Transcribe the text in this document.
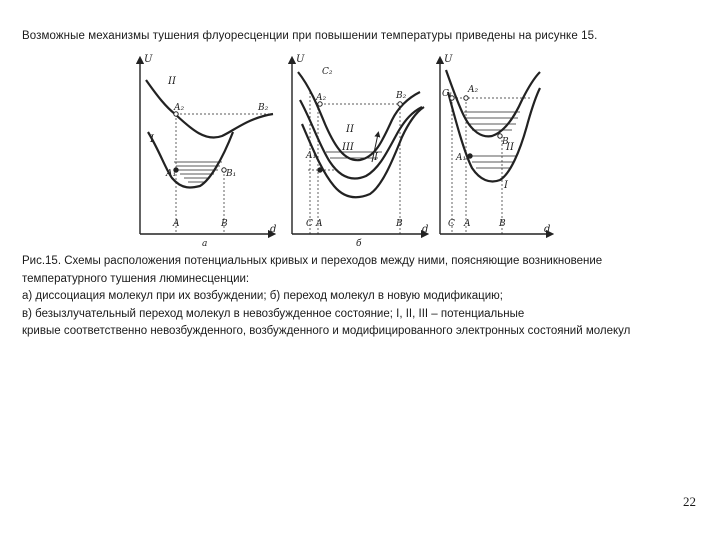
Возможные механизмы тушения флуоресценции при повышении температуры приведены на рисунке 15.
U
d
II
I
A₂	B₂
A₁	B₁
A	B
а
U
d
C₂
A₂	B₂
II
III
I
A₁
C A	B
б
U
d
C₁ A₂
II
A₁
B
I
C A	B
Рис.15. Схемы расположения потенциальных кривых и переходов между ними, поясняющие возникновение
температурного тушения люминесценции:
а) диссоциация молекул при их возбуждении; б) переход молекул в новую модификацию;
в) безызлучательный переход молекул в невозбужденное состояние; I, II, III – потенциальные
кривые соответственно невозбужденного, возбужденного и модифицированного электронных состояний молекул
22
